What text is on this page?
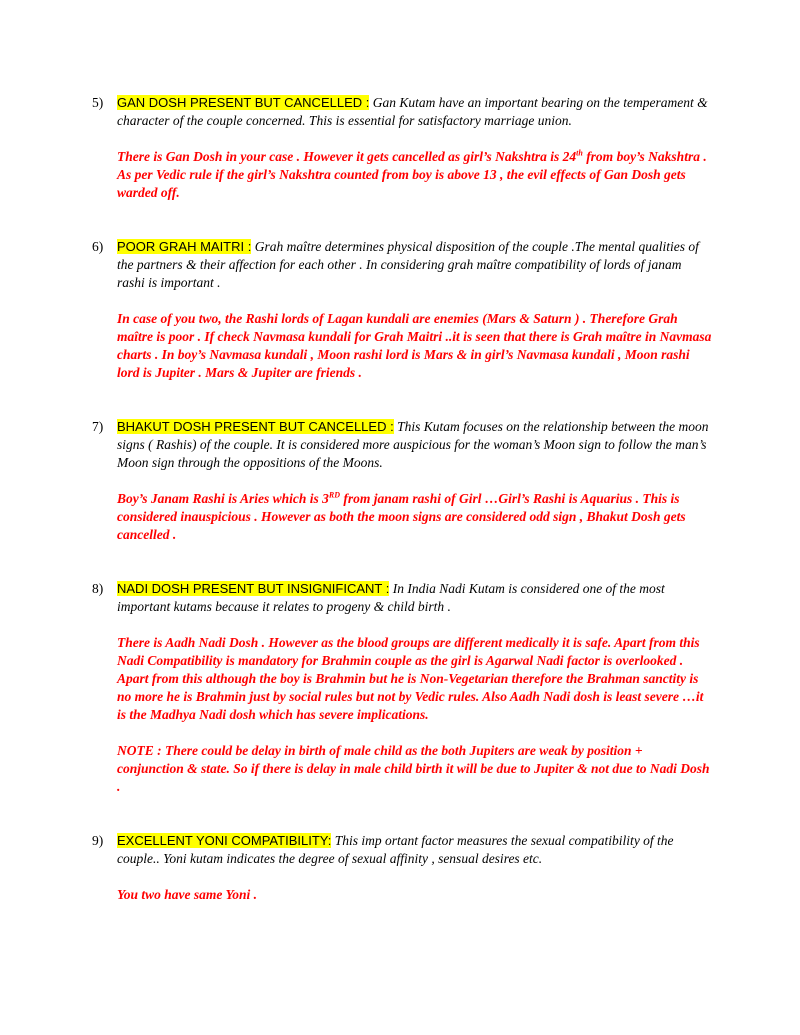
5) GAN DOSH PRESENT BUT CANCELLED : Gan Kutam have an important bearing on the temperament & character of the couple concerned. This is essential for satisfactory marriage union.

There is Gan Dosh in your case . However it gets cancelled as girl’s Nakshtra is 24th from boy’s Nakshtra . As per Vedic rule if the girl’s Nakshtra counted from boy is above 13 , the evil effects of Gan Dosh gets warded off.

6) POOR GRAH MAITRI : Grah maître determines physical disposition of the couple .The mental qualities of the partners & their affection for each other . In considering grah maître compatibility of lords of janam rashi is important .

In case of you two, the Rashi lords of Lagan kundali are enemies (Mars & Saturn ) . Therefore Grah maître is poor . If check Navmasa kundali for Grah Maitri ..it is seen that there is Grah maître in Navmasa charts . In boy’s Navmasa kundali , Moon rashi lord is Mars & in girl’s Navmasa kundali , Moon rashi lord is Jupiter . Mars & Jupiter are friends .

7) BHAKUT DOSH PRESENT BUT CANCELLED : This Kutam focuses on the relationship between the moon signs ( Rashis) of the couple. It is considered more auspicious for the woman’s Moon sign to follow the man’s Moon sign through the oppositions of the Moons.

Boy’s Janam Rashi is Aries which is 3RD from janam rashi of Girl …Girl’s Rashi is Aquarius . This is considered inauspicious . However as both the moon signs are considered odd sign , Bhakut Dosh gets cancelled .

8) NADI DOSH PRESENT BUT INSIGNIFICANT : In India Nadi Kutam is considered one of the most important kutams because it relates to progeny & child birth .

There is Aadh Nadi Dosh . However as the blood groups are different medically it is safe. Apart from this Nadi Compatibility is mandatory for Brahmin couple as the girl is Agarwal Nadi factor is overlooked . Apart from this although the boy is Brahmin but he is Non-Vegetarian therefore the Brahman sanctity is no more he is Brahmin just by social rules but not by Vedic rules. Also Aadh Nadi dosh is least severe …it is the Madhya Nadi dosh which has severe implications.

NOTE : There could be delay in birth of male child as the both Jupiters are weak by position + conjunction & state. So if there is delay in male child birth it will be due to Jupiter & not due to Nadi Dosh .

9) EXCELLENT YONI COMPATIBILITY: This imp ortant factor measures the sexual compatibility of the couple.. Yoni kutam indicates the degree of sexual affinity , sensual desires etc.

You two have same Yoni .
